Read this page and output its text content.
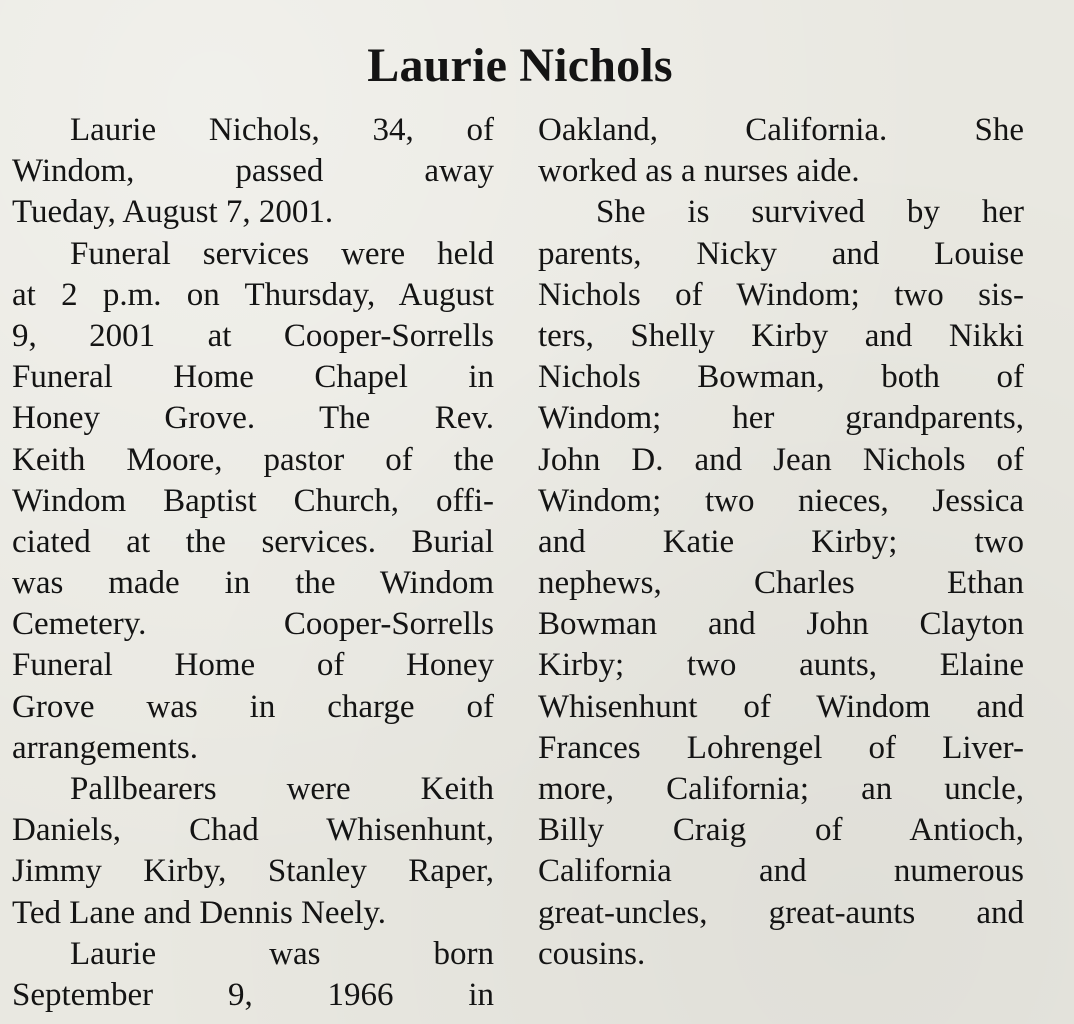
Laurie Nichols
Laurie Nichols, 34, of
Windom, passed away
Tueday, August 7, 2001.
Funeral services were held
at 2 p.m. on Thursday, August
9, 2001 at Cooper-Sorrells
Funeral Home Chapel in
Honey Grove. The Rev.
Keith Moore, pastor of the
Windom Baptist Church, offi-
ciated at the services. Burial
was made in the Windom
Cemetery. Cooper-Sorrells
Funeral Home of Honey
Grove was in charge of
arrangements.
Pallbearers were Keith
Daniels, Chad Whisenhunt,
Jimmy Kirby, Stanley Raper,
Ted Lane and Dennis Neely.
Laurie was born
September 9, 1966 in
Oakland, California. She
worked as a nurses aide.
She is survived by her
parents, Nicky and Louise
Nichols of Windom; two sis-
ters, Shelly Kirby and Nikki
Nichols Bowman, both of
Windom; her grandparents,
John D. and Jean Nichols of
Windom; two nieces, Jessica
and Katie Kirby; two
nephews, Charles Ethan
Bowman and John Clayton
Kirby; two aunts, Elaine
Whisenhunt of Windom and
Frances Lohrengel of Liver-
more, California; an uncle,
Billy Craig of Antioch,
California and numerous
great-uncles, great-aunts and
cousins.
